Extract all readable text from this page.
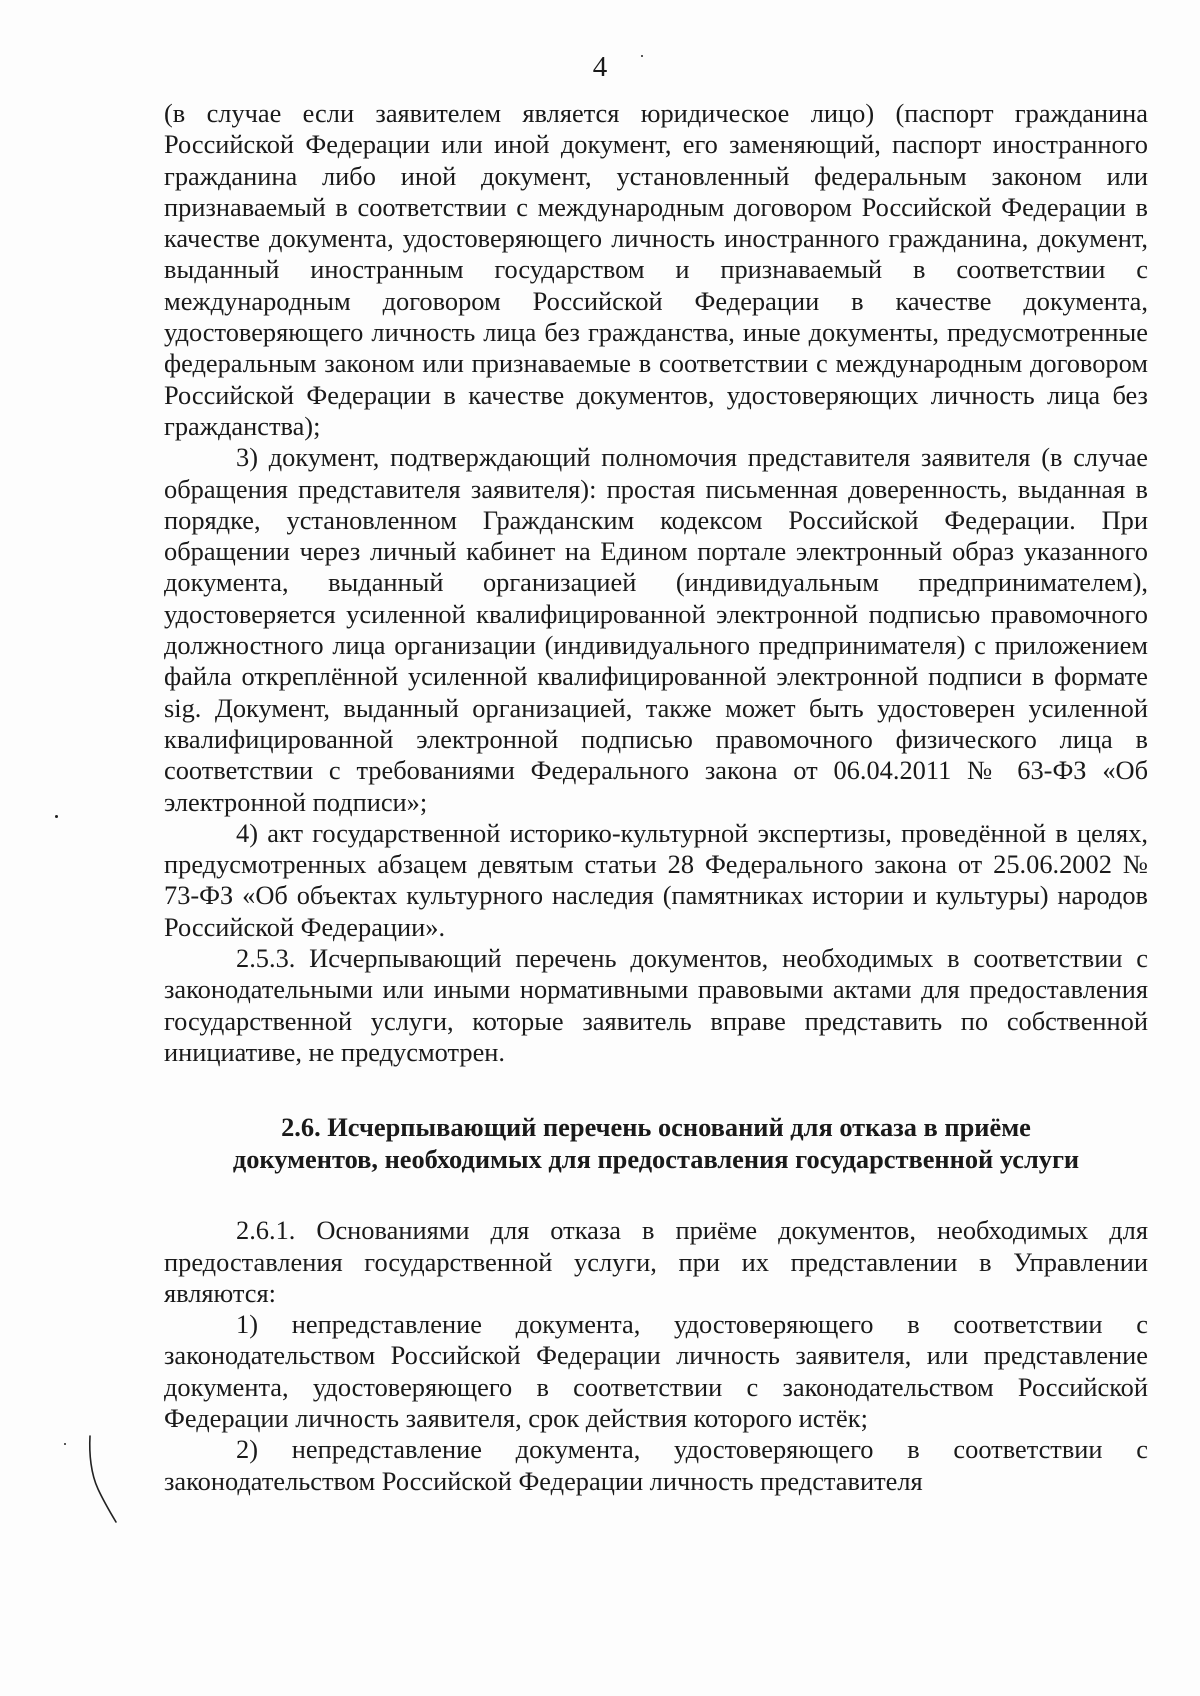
4

(в случае если заявителем является юридическое лицо) (паспорт гражданина Российской Федерации или иной документ, его заменяющий, паспорт иностранного гражданина либо иной документ, установленный федеральным законом или признаваемый в соответствии с международным договором Российской Федерации в качестве документа, удостоверяющего личность иностранного гражданина, документ, выданный иностранным государством и признаваемый в соответствии с международным договором Российской Федерации в качестве документа, удостоверяющего личность лица без гражданства, иные документы, предусмотренные федеральным законом или признаваемые в соответствии с международным договором Российской Федерации в качестве документов, удостоверяющих личность лица без гражданства);

3) документ, подтверждающий полномочия представителя заявителя (в случае обращения представителя заявителя): простая письменная доверенность, выданная в порядке, установленном Гражданским кодексом Российской Федерации. При обращении через личный кабинет на Едином портале электронный образ указанного документа, выданный организацией (индивидуальным предпринимателем), удостоверяется усиленной квалифицированной электронной подписью правомочного должностного лица организации (индивидуального предпринимателя) с приложением файла откреплённой усиленной квалифицированной электронной подписи в формате sig. Документ, выданный организацией, также может быть удостоверен усиленной квалифицированной электронной подписью правомочного физического лица в соответствии с требованиями Федерального закона от 06.04.2011 № 63-ФЗ «Об электронной подписи»;

4) акт государственной историко-культурной экспертизы, проведённой в целях, предусмотренных абзацем девятым статьи 28 Федерального закона от 25.06.2002 № 73-ФЗ «Об объектах культурного наследия (памятниках истории и культуры) народов Российской Федерации».

2.5.3. Исчерпывающий перечень документов, необходимых в соответствии с законодательными или иными нормативными правовыми актами для предоставления государственной услуги, которые заявитель вправе представить по собственной инициативе, не предусмотрен.

2.6. Исчерпывающий перечень оснований для отказа в приёме
документов, необходимых для предоставления государственной услуги

2.6.1. Основаниями для отказа в приёме документов, необходимых для предоставления государственной услуги, при их представлении в Управлении являются:

1) непредставление документа, удостоверяющего в соответствии с законодательством Российской Федерации личность заявителя, или представление документа, удостоверяющего в соответствии с законодательством Российской Федерации личность заявителя, срок действия которого истёк;

2) непредставление документа, удостоверяющего в соответствии с законодательством Российской Федерации личность представителя
